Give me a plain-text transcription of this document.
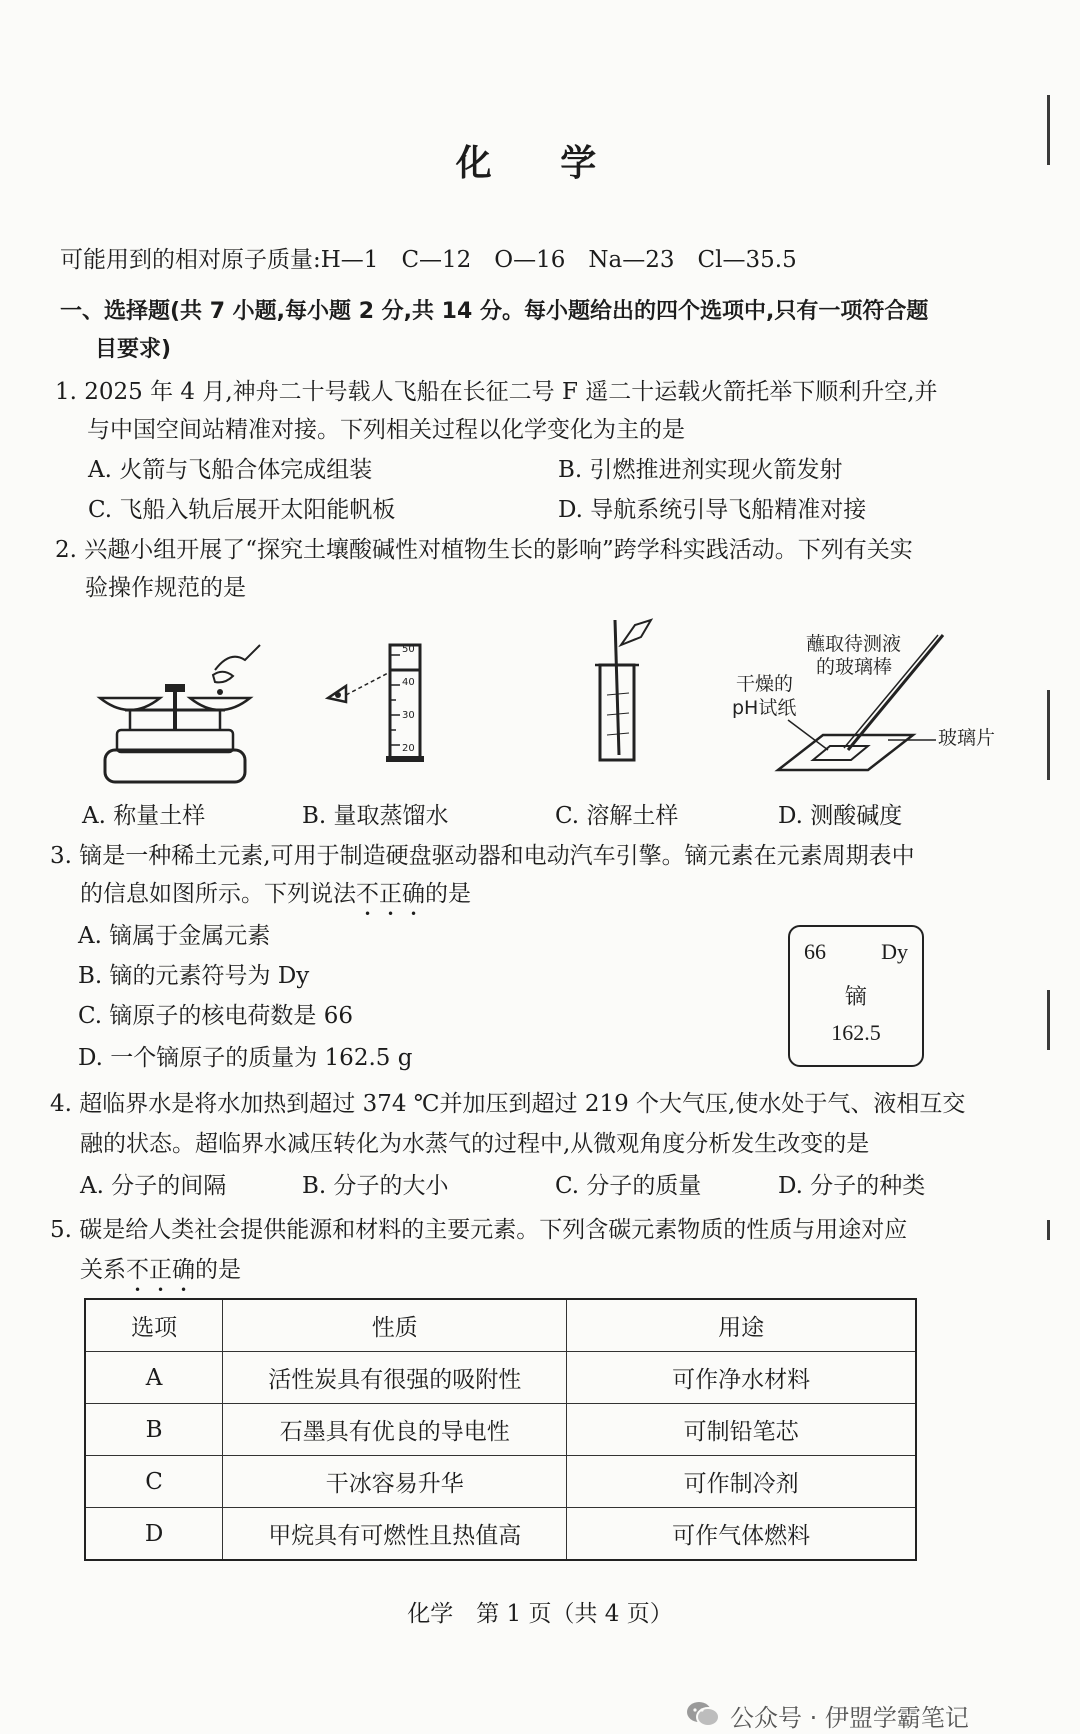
化 学
可能用到的相对原子质量:H—1　C—12　O—16　Na—23　Cl—35.5
一、选择题(共 7 小题,每小题 2 分,共 14 分。每小题给出的四个选项中,只有一项符合题
目要求)
1. 2025 年 4 月,神舟二十号载人飞船在长征二号 F 遥二十运载火箭托举下顺利升空,并
与中国空间站精准对接。下列相关过程以化学变化为主的是
A. 火箭与飞船合体完成组装	B. 引燃推进剂实现火箭发射
C. 飞船入轨后展开太阳能帆板	D. 导航系统引导飞船精准对接
2. 兴趣小组开展了“探究土壤酸碱性对植物生长的影响”跨学科实践活动。下列有关实
验操作规范的是
50
40
30
20
蘸取待测液
的玻璃棒
干燥的
pH试纸
玻璃片
A. 称量土样	B. 量取蒸馏水	C. 溶解土样	D. 测酸碱度
3. 镝是一种稀土元素,可用于制造硬盘驱动器和电动汽车引擎。镝元素在元素周期表中
的信息如图所示。下列说法不正确的是
A. 镝属于金属元素
B. 镝的元素符号为 Dy
C. 镝原子的核电荷数是 66
D. 一个镝原子的质量为 162.5 g
66	Dy
镝
162.5
4. 超临界水是将水加热到超过 374 ℃并加压到超过 219 个大气压,使水处于气、液相互交
融的状态。超临界水减压转化为水蒸气的过程中,从微观角度分析发生改变的是
A. 分子的间隔	B. 分子的大小	C. 分子的质量	D. 分子的种类
5. 碳是给人类社会提供能源和材料的主要元素。下列含碳元素物质的性质与用途对应
关系不正确的是
选项	性质	用途
A	活性炭具有很强的吸附性	可作净水材料
B	石墨具有优良的导电性	可制铅笔芯
C	干冰容易升华	可作制冷剂
D	甲烷具有可燃性且热值高	可作气体燃料
化学　第 1 页（共 4 页）
公众号 · 伊盟学霸笔记
